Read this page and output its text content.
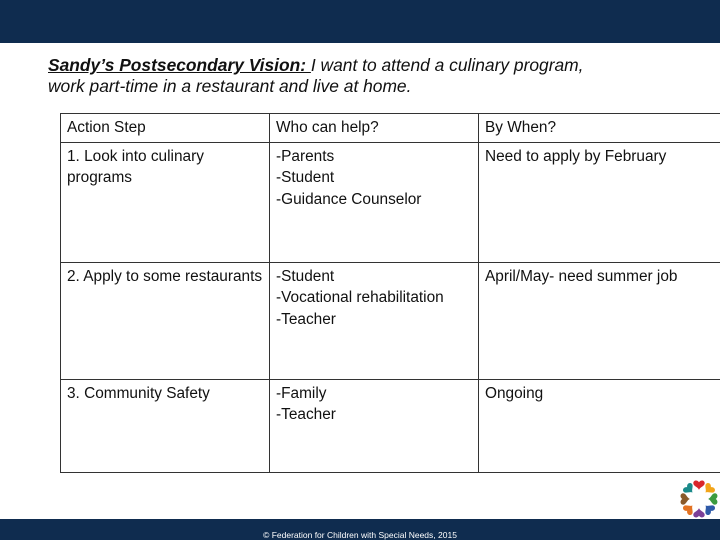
Sandy’s Postsecondary Vision: I want to attend a culinary program, work part-time in a restaurant and live at home.
Action Step	Who can help?	By When?
1. Look into culinary programs	-Parents
-Student
-Guidance Counselor	Need to apply by February
2. Apply to some restaurants	-Student
-Vocational rehabilitation
-Teacher	April/May- need summer job
3. Community Safety	-Family
-Teacher	Ongoing
© Federation for Children with Special Needs, 2015
